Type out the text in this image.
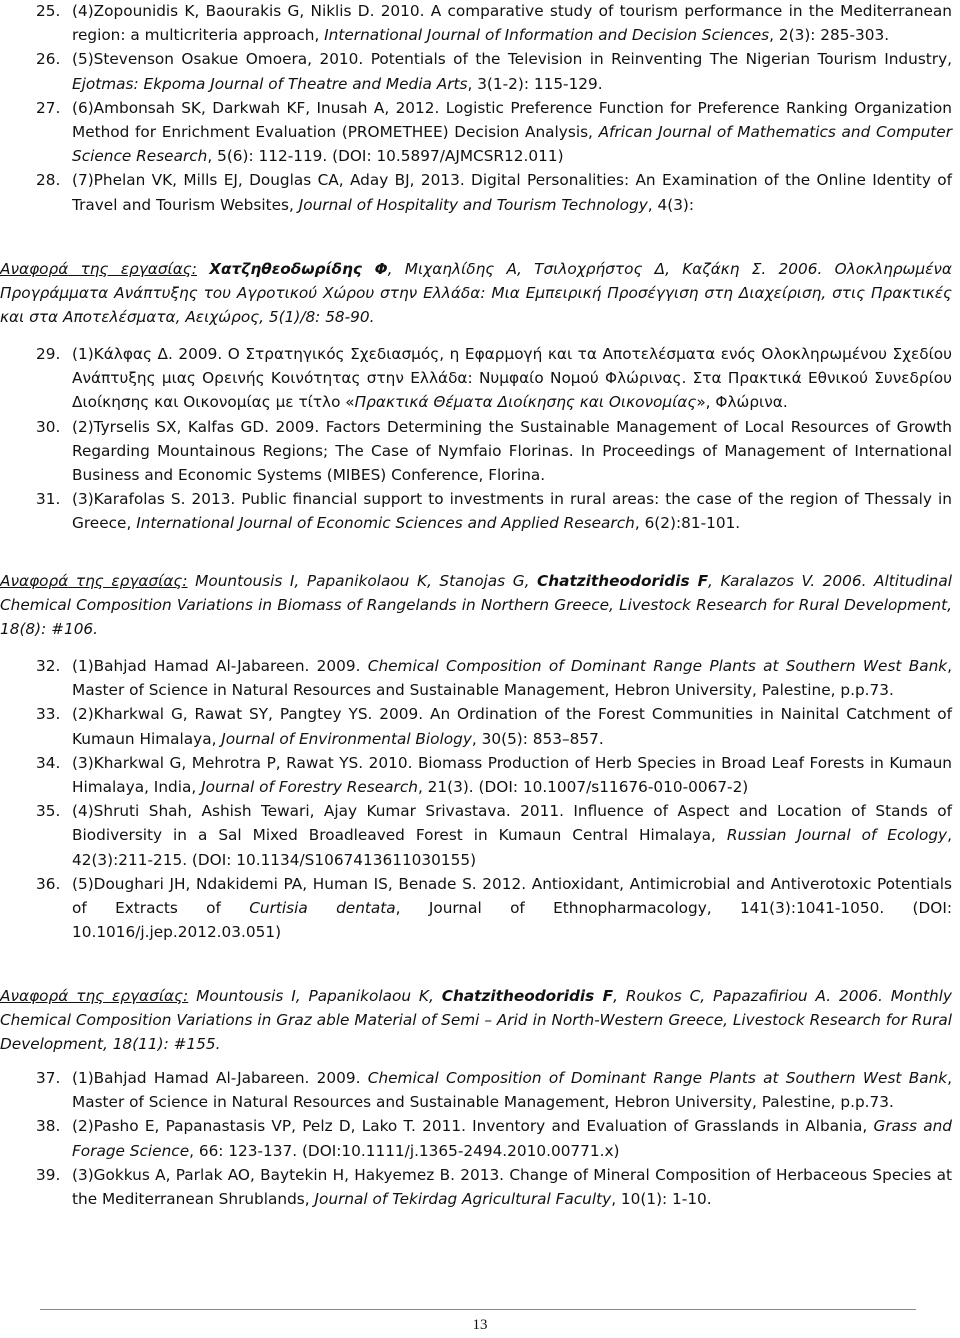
25. (4)Zopounidis K, Baourakis G, Niklis D. 2010. A comparative study of tourism performance in the Mediterranean region: a multicriteria approach, International Journal of Information and Decision Sciences, 2(3): 285-303.
26. (5)Stevenson Osakue Omoera, 2010. Potentials of the Television in Reinventing The Nigerian Tourism Industry, Ejotmas: Ekpoma Journal of Theatre and Media Arts, 3(1-2): 115-129.
27. (6)Ambonsah SK, Darkwah KF, Inusah A, 2012. Logistic Preference Function for Preference Ranking Organization Method for Enrichment Evaluation (PROMETHEE) Decision Analysis, African Journal of Mathematics and Computer Science Research, 5(6): 112-119. (DOI: 10.5897/AJMCSR12.011)
28. (7)Phelan VK, Mills EJ, Douglas CA, Aday BJ, 2013. Digital Personalities: An Examination of the Online Identity of Travel and Tourism Websites, Journal of Hospitality and Tourism Technology, 4(3):
Αναφορά της εργασίας: Χατζηθεοδωρίδης Φ, Μιχαηλίδης Α, Τσιλοχρήστος Δ, Καζάκη Σ. 2006. Ολοκληρωμένα Προγράμματα Ανάπτυξης του Αγροτικού Χώρου στην Ελλάδα: Μια Εμπειρική Προσέγγιση στη Διαχείριση, στις Πρακτικές και στα Αποτελέσματα, Αειχώρος, 5(1)/8: 58-90.
29. (1)Κάλφας Δ. 2009. Ο Στρατηγικός Σχεδιασμός, η Εφαρμογή και τα Αποτελέσματα ενός Ολοκληρωμένου Σχεδίου Ανάπτυξης μιας Ορεινής Κοινότητας στην Ελλάδα: Νυμφαίο Νομού Φλώρινας. Στα Πρακτικά Εθνικού Συνεδρίου Διοίκησης και Οικονομίας με τίτλο «Πρακτικά Θέματα Διοίκησης και Οικονομίας», Φλώρινα.
30. (2)Tyrselis SX, Kalfas GD. 2009. Factors Determining the Sustainable Management of Local Resources of Growth Regarding Mountainous Regions; The Case of Nymfaio Florinas. In Proceedings of Management of International Business and Economic Systems (MIBES) Conference, Florina.
31. (3)Karafolas S. 2013. Public financial support to investments in rural areas: the case of the region of Thessaly in Greece, International Journal of Economic Sciences and Applied Research, 6(2):81-101.
Αναφορά της εργασίας: Mountousis I, Papanikolaou K, Stanojas G, Chatzitheodoridis F, Karalazos V. 2006. Altitudinal Chemical Composition Variations in Biomass of Rangelands in Northern Greece, Livestock Research for Rural Development, 18(8): #106.
32. (1)Bahjad Hamad Al-Jabareen. 2009. Chemical Composition of Dominant Range Plants at Southern West Bank, Master of Science in Natural Resources and Sustainable Management, Hebron University, Palestine, p.p.73.
33. (2)Kharkwal G, Rawat SY, Pangtey YS. 2009. An Ordination of the Forest Communities in Nainital Catchment of Kumaun Himalaya, Journal of Environmental Biology, 30(5): 853–857.
34. (3)Kharkwal G, Mehrotra P, Rawat YS. 2010. Biomass Production of Herb Species in Broad Leaf Forests in Kumaun Himalaya, India, Journal of Forestry Research, 21(3). (DOI: 10.1007/s11676-010-0067-2)
35. (4)Shruti Shah, Ashish Tewari, Ajay Kumar Srivastava. 2011. Influence of Aspect and Location of Stands of Biodiversity in a Sal Mixed Broadleaved Forest in Kumaun Central Himalaya, Russian Journal of Ecology, 42(3):211-215. (DOI: 10.1134/S1067413611030155)
36. (5)Doughari JH, Ndakidemi PA, Human IS, Benade S. 2012. Antioxidant, Antimicrobial and Antiverotoxic Potentials of Extracts of Curtisia dentata, Journal of Ethnopharmacology, 141(3):1041-1050. (DOI: 10.1016/j.jep.2012.03.051)
Αναφορά της εργασίας: Mountousis I, Papanikolaou K, Chatzitheodoridis F, Roukos C, Papazafiriou A. 2006. Monthly Chemical Composition Variations in Graz able Material of Semi – Arid in North-Western Greece, Livestock Research for Rural Development, 18(11): #155.
37. (1)Bahjad Hamad Al-Jabareen. 2009. Chemical Composition of Dominant Range Plants at Southern West Bank, Master of Science in Natural Resources and Sustainable Management, Hebron University, Palestine, p.p.73.
38. (2)Pasho E, Papanastasis VP, Pelz D, Lako T. 2011. Inventory and Evaluation of Grasslands in Albania, Grass and Forage Science, 66: 123-137. (DOI:10.1111/j.1365-2494.2010.00771.x)
39. (3)Gokkus A, Parlak AO, Baytekin H, Hakyemez B. 2013. Change of Mineral Composition of Herbaceous Species at the Mediterranean Shrublands, Journal of Tekirdag Agricultural Faculty, 10(1): 1-10.
13
